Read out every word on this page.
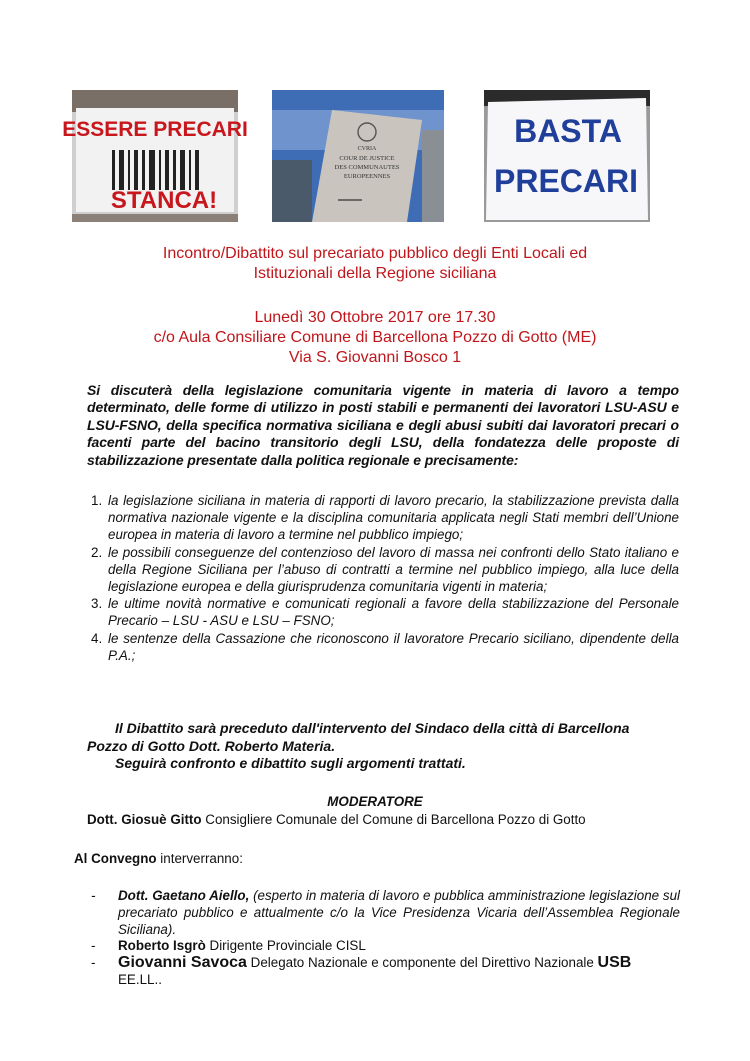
ESSERE PRECARI
STANCA!
CVRIA
COUR DE JUSTICE
DES COMMUNAUTES
EUROPEENNES
BASTA
PRECARI
Incontro/Dibattito sul precariato pubblico degli Enti Locali ed
Istituzionali della Regione siciliana
Lunedì 30 Ottobre 2017 ore 17.30
c/o Aula Consiliare Comune di Barcellona Pozzo di Gotto (ME)
Via S. Giovanni Bosco 1
Si discuterà della legislazione comunitaria vigente in materia di lavoro a tempo determinato, delle forme di utilizzo in posti stabili e permanenti dei lavoratori LSU-ASU e LSU-FSNO, della specifica normativa siciliana e degli abusi subiti dai lavoratori precari o facenti parte del bacino transitorio degli LSU, della fondatezza delle proposte di stabilizzazione presentate dalla politica regionale e precisamente:
1. la legislazione siciliana in materia di rapporti di lavoro precario, la stabilizzazione prevista dalla normativa nazionale vigente e la disciplina comunitaria applicata negli Stati membri dell’Unione europea in materia di lavoro a termine nel pubblico impiego;
2. le possibili conseguenze del contenzioso del lavoro di massa nei confronti dello Stato italiano e della Regione Siciliana per l’abuso di contratti a termine nel pubblico impiego, alla luce della legislazione europea e della giurisprudenza comunitaria vigenti in materia;
3. le ultime novità normative e comunicati regionali a favore della stabilizzazione del Personale Precario – LSU - ASU e LSU – FSNO;
4. le sentenze della Cassazione che riconoscono il lavoratore Precario siciliano, dipendente della P.A.;
Il Dibattito sarà preceduto dall'intervento del Sindaco della città di Barcellona
Pozzo di Gotto Dott. Roberto Materia.
Seguirà confronto e dibattito sugli argomenti trattati.
MODERATORE
Dott. Giosuè Gitto Consigliere Comunale del Comune di Barcellona Pozzo di Gotto
Al Convegno interverranno:
- Dott. Gaetano Aiello, (esperto in materia di lavoro e pubblica amministrazione legislazione sul precariato pubblico e attualmente c/o la Vice Presidenza Vicaria dell’Assemblea Regionale Siciliana).
- Roberto Isgrò Dirigente Provinciale CISL
- Giovanni Savoca Delegato Nazionale e componente del Direttivo Nazionale USB
EE.LL..
